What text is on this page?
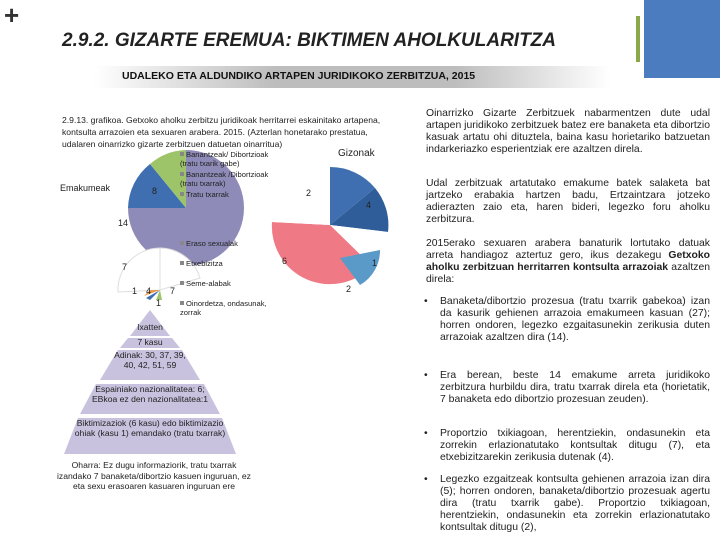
+
2.9.2. GIZARTE EREMUA: BIKTIMEN AHOLKULARITZA
UDALEKO ETA ALDUNDIKO ARTAPEN JURIDIKOKO ZERBITZUA, 2015
2.9.13. grafikoa. Getxoko aholku zerbitzu juridikoak herritarrei eskainitako artapena, kontsulta arrazoien eta sexuaren arabera. 2015. (Azterlan honetarako prestatua, udalaren oinarrizko gizarte zerbitzuen datuetan oinarritua)
Emakumeak
Gizonak
8
14
7
1 4 7
1
2
4
6	1
2
Banantzeak/ Dibortzioak (tratu txarik gabe)
Banantzeak /Dibortzioak (tratu txarrak)
Tratu txarrak
Eraso sexualak
Etxebizitza
Seme-alabak
Oinordetza, ondasunak, zorrak
Ixatten
7 kasu
Adinak: 30, 37, 39, 40, 42, 51, 59
Espainiako nazionalitatea: 6; EBkoa ez den nazionalitatea:1
Biktimizaziok (6 kasu) edo biktimizazio ohiak (kasu 1) emandako (tratu txarrak)
Oharra: Ez dugu informaziorik, tratu txarrak izandako 7 banaketa/dibortzio kasuen inguruan, ez eta sexu erasoaren kasuaren inguruan ere
Oinarrizko Gizarte Zerbitzuek nabarmentzen dute udal artapen juridikoko zerbitzuek batez ere banaketa eta dibortzio kasuak artatu ohi dituztela, baina kasu horietariko batzuetan indarkeriazko esperientziak ere azaltzen direla.
Udal zerbitzuak artatutako emakume batek salaketa bat jartzeko erabakia hartzen badu, Ertzaintzara jotzeko adierazten zaio eta, haren bideri, legezko foru aholku zerbitzura.
2015erako sexuaren arabera banaturik lortutako datuak arreta handiagoz aztertuz gero, ikus dezakegu Getxoko aholku zerbitzuan herritarren kontsulta arrazoiak azaltzen direla:
• Banaketa/dibortzio prozesua (tratu txarrik gabekoa) izan da kasurik gehienen arrazoia emakumeen kasuan (27); horren ondoren, legezko ezgaitasunekin zerikusia duten arrazoiak azaltzen dira (14).
• Era berean, beste 14 emakume arreta juridikoko zerbitzura hurbildu dira, tratu txarrak direla eta (horietatik, 7 banaketa edo dibortzio prozesuan zeuden).
• Proportzio txikiagoan, herentziekin, ondasunekin eta zorrekin erlazionatutako kontsultak ditugu (7), eta etxebizitzarekin zerikusia dutenak (4).
• Legezko ezgaitzeak kontsulta gehienen arrazoia izan dira (5); horren ondoren, banaketa/dibortzio prozesuak agertu dira (tratu txarrik gabe). Proportzio txikiagoan, herentziekin, ondasunekin eta zorrekin erlazionatutako kontsultak ditugu (2),
